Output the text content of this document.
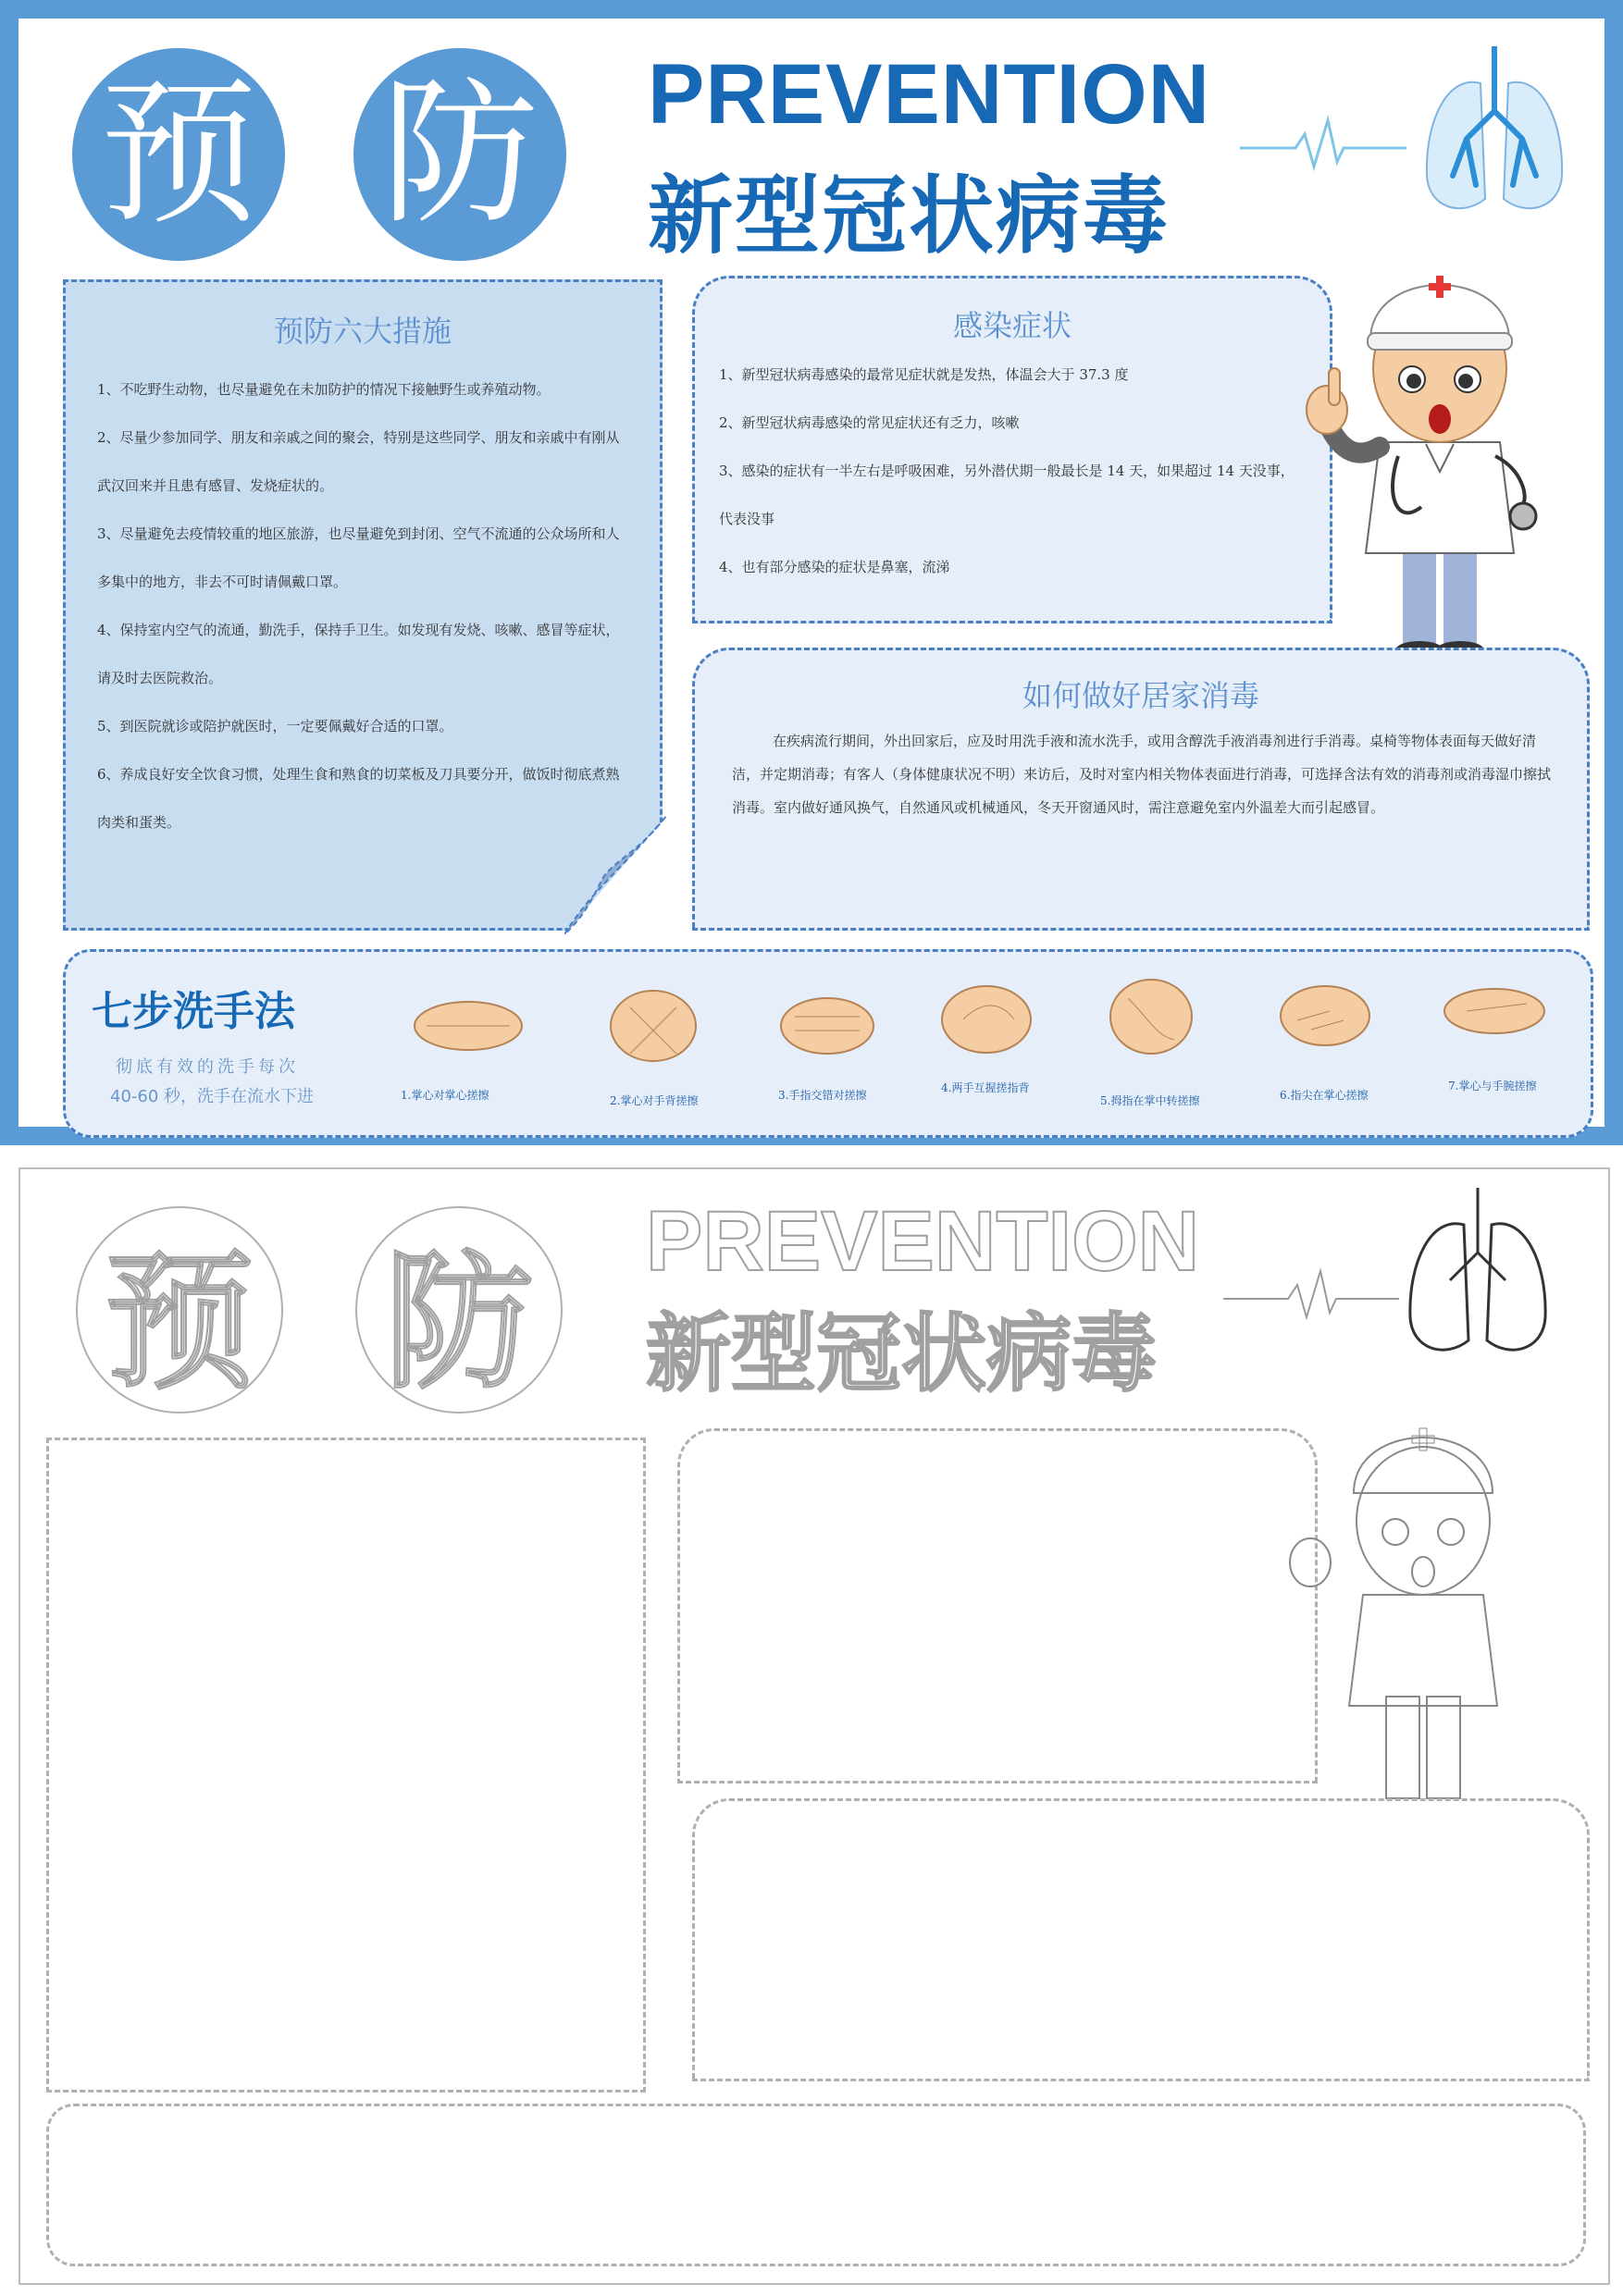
预 防 PREVENTION
新型冠状病毒
预防六大措施
1、不吃野生动物，也尽量避免在未加防护的情况下接触野生或养殖动物。
2、尽量少参加同学、朋友和亲戚之间的聚会，特别是这些同学、朋友和亲戚中有刚从武汉回来并且患有感冒、发烧症状的。
3、尽量避免去疫情较重的地区旅游，也尽量避免到封闭、空气不流通的公众场所和人多集中的地方，非去不可时请佩戴口罩。
4、保持室内空气的流通，勤洗手，保持手卫生。如发现有发烧、咳嗽、感冒等症状，请及时去医院救治。
5、到医院就诊或陪护就医时，一定要佩戴好合适的口罩。
6、养成良好安全饮食习惯，处理生食和熟食的切菜板及刀具要分开，做饭时彻底煮熟肉类和蛋类。
感染症状
1、新型冠状病毒感染的最常见症状就是发热，体温会大于 37.3 度
2、新型冠状病毒感染的常见症状还有乏力，咳嗽
3、感染的症状有一半左右是呼吸困难，另外潜伏期一般最长是 14 天，如果超过 14 天没事，代表没事
4、也有部分感染的症状是鼻塞，流涕
如何做好居家消毒
在疾病流行期间，外出回家后，应及时用洗手液和流水洗手，或用含醇洗手液消毒剂进行手消毒。桌椅等物体表面每天做好清洁，并定期消毒；有客人（身体健康状况不明）来访后，及时对室内相关物体表面进行消毒，可选择含法有效的消毒剂或消毒湿巾擦拭消毒。室内做好通风换气，自然通风或机械通风，冬天开窗通风时，需注意避免室内外温差大而引起感冒。
七步洗手法
彻底有效的洗手每次
40-60 秒，洗手在流水下进	1.掌心对掌心搓擦	2.掌心对手背搓擦	3.手指交错对搓擦
4.两手互握搓指背
5.拇指在掌中转搓擦	6.指尖在掌心搓擦
7.掌心与手腕搓擦
预 防 PREVENTION
新型冠状病毒
